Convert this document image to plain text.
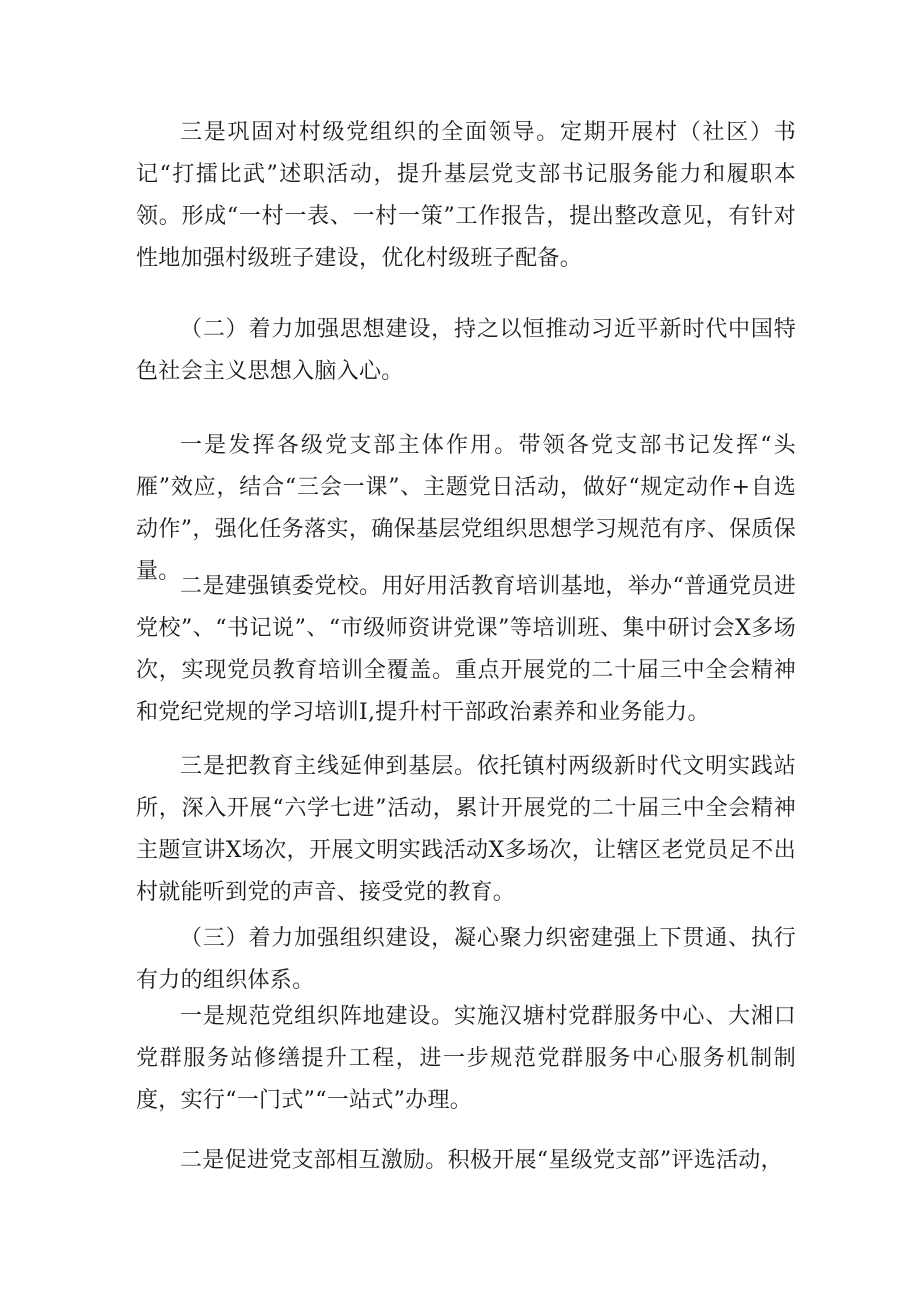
三是巩固对村级党组织的全面领导。定期开展村（社区）书记“打擂比武”述职活动，提升基层党支部书记服务能力和履职本领。形成“一村一表、一村一策”工作报告，提出整改意见，有针对性地加强村级班子建设，优化村级班子配备。

（二）着力加强思想建设，持之以恒推动习近平新时代中国特色社会主义思想入脑入心。

一是发挥各级党支部主体作用。带领各党支部书记发挥“头雁”效应，结合“三会一课”、主题党日活动，做好“规定动作+自选动作”，强化任务落实，确保基层党组织思想学习规范有序、保质保量。

二是建强镇委党校。用好用活教育培训基地，举办“普通党员进党校”、“书记说”、“市级师资讲党课”等培训班、集中研讨会X多场次，实现党员教育培训全覆盖。重点开展党的二十届三中全会精神和党纪党规的学习培训I,提升村干部政治素养和业务能力。

三是把教育主线延伸到基层。依托镇村两级新时代文明实践站所，深入开展“六学七进”活动，累计开展党的二十届三中全会精神主题宣讲X场次，开展文明实践活动X多场次，让辖区老党员足不出村就能听到党的声音、接受党的教育。

（三）着力加强组织建设，凝心聚力织密建强上下贯通、执行有力的组织体系。

一是规范党组织阵地建设。实施汉塘村党群服务中心、大湘口党群服务站修缮提升工程，进一步规范党群服务中心服务机制制度，实行“一门式”“一站式”办理。

二是促进党支部相互激励。积极开展“星级党支部”评选活动，
